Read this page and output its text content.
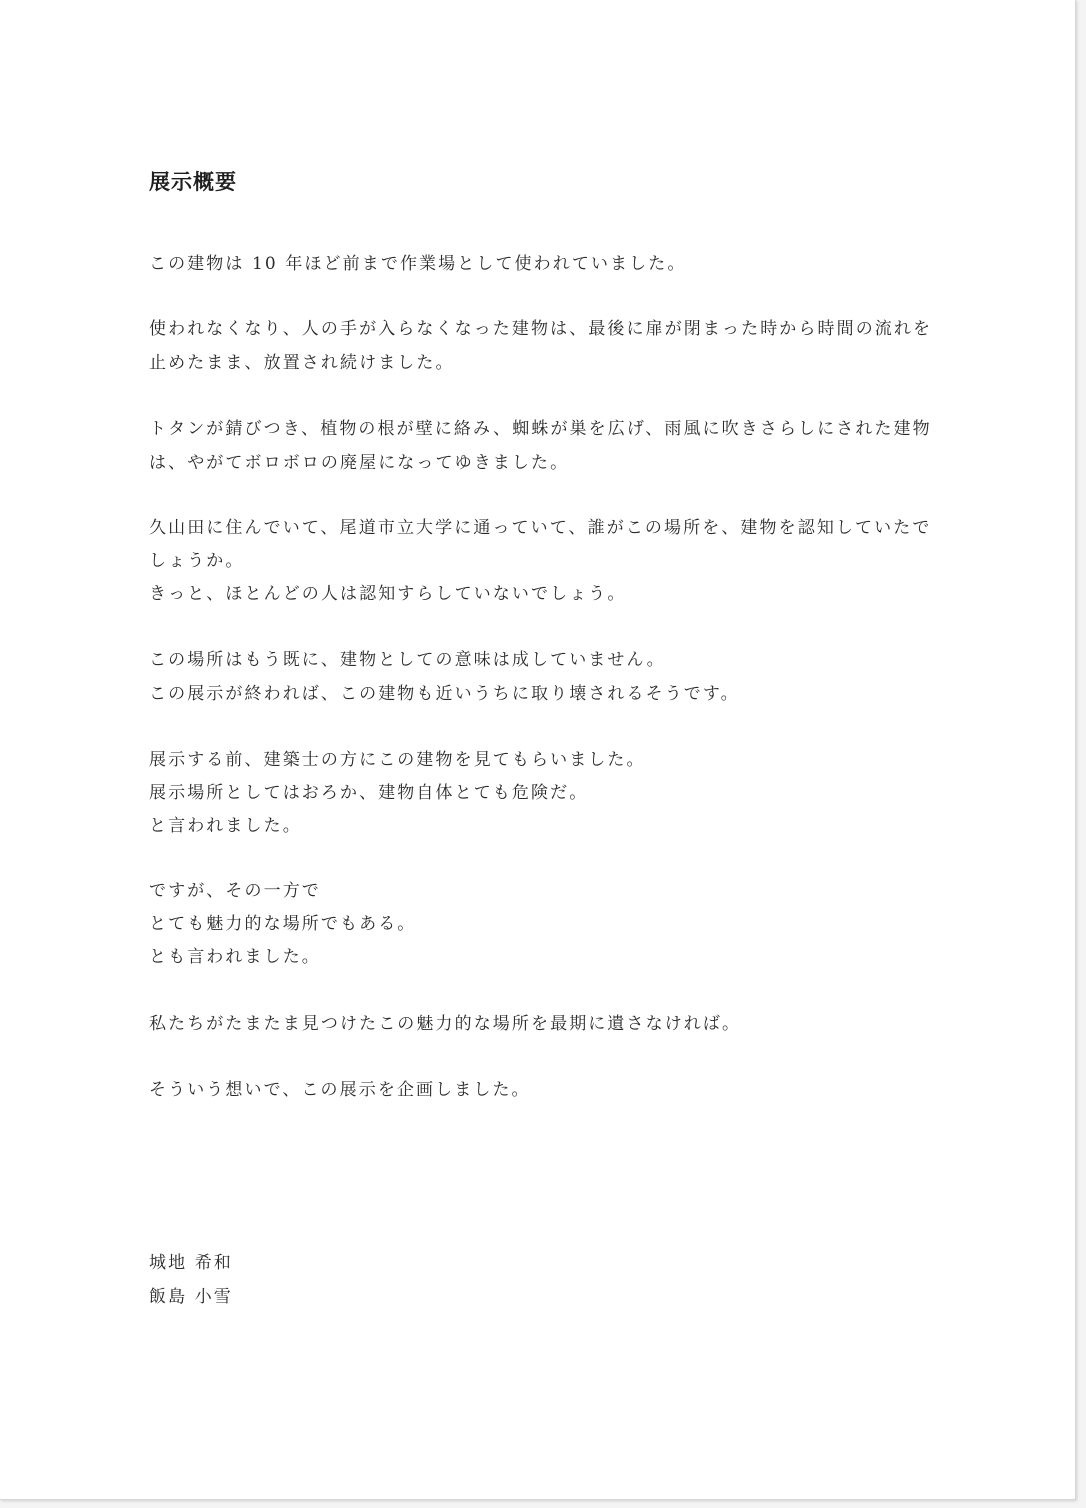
展示概要

この建物は 10 年ほど前まで作業場として使われていました。

使われなくなり、人の手が入らなくなった建物は、最後に扉が閉まった時から時間の流れを

止めたまま、放置され続けました。

トタンが錆びつき、植物の根が壁に絡み、蜘蛛が巣を広げ、雨風に吹きさらしにされた建物

は、やがてボロボロの廃屋になってゆきました。

久山田に住んでいて、尾道市立大学に通っていて、誰がこの場所を、建物を認知していたで

しょうか。

きっと、ほとんどの人は認知すらしていないでしょう。

この場所はもう既に、建物としての意味は成していません。

この展示が終われば、この建物も近いうちに取り壊されるそうです。

展示する前、建築士の方にこの建物を見てもらいました。

展示場所としてはおろか、建物自体とても危険だ。

と言われました。

ですが、その一方で

とても魅力的な場所でもある。

とも言われました。

私たちがたまたま見つけたこの魅力的な場所を最期に遺さなければ。

そういう想いで、この展示を企画しました。

城地 希和

飯島 小雪
